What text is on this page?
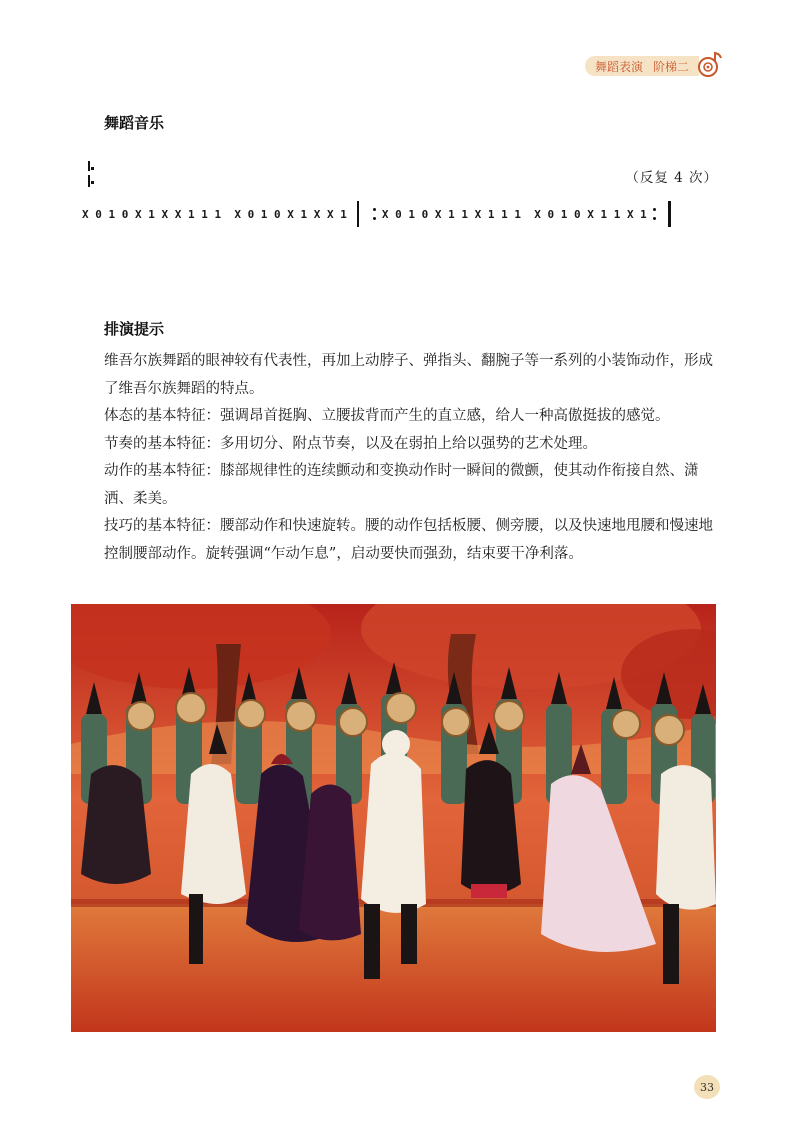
舞蹈表演 阶梯二
舞蹈音乐
（反复 4 次）
X 0 1 0 X 1 X X 1 1 1  X 0 1 0 X 1 X X 1	X 0 1 0 X 1 1 X 1 1 1  X 0 1 0 X 1 1 X 1
排演提示

维吾尔族舞蹈的眼神较有代表性，再加上动脖子、弹指头、翻腕子等一系列的小装饰动作，形成了维吾尔族舞蹈的特点。

体态的基本特征：强调昂首挺胸、立腰拔背而产生的直立感，给人一种高傲挺拔的感觉。

节奏的基本特征：多用切分、附点节奏，以及在弱拍上给以强势的艺术处理。

动作的基本特征：膝部规律性的连续颤动和变换动作时一瞬间的微颤，使其动作衔接自然、潇洒、柔美。

技巧的基本特征：腰部动作和快速旋转。腰的动作包括板腰、侧旁腰，以及快速地甩腰和慢速地控制腰部动作。旋转强调“乍动乍息”，启动要快而强劲，结束要干净利落。

33
